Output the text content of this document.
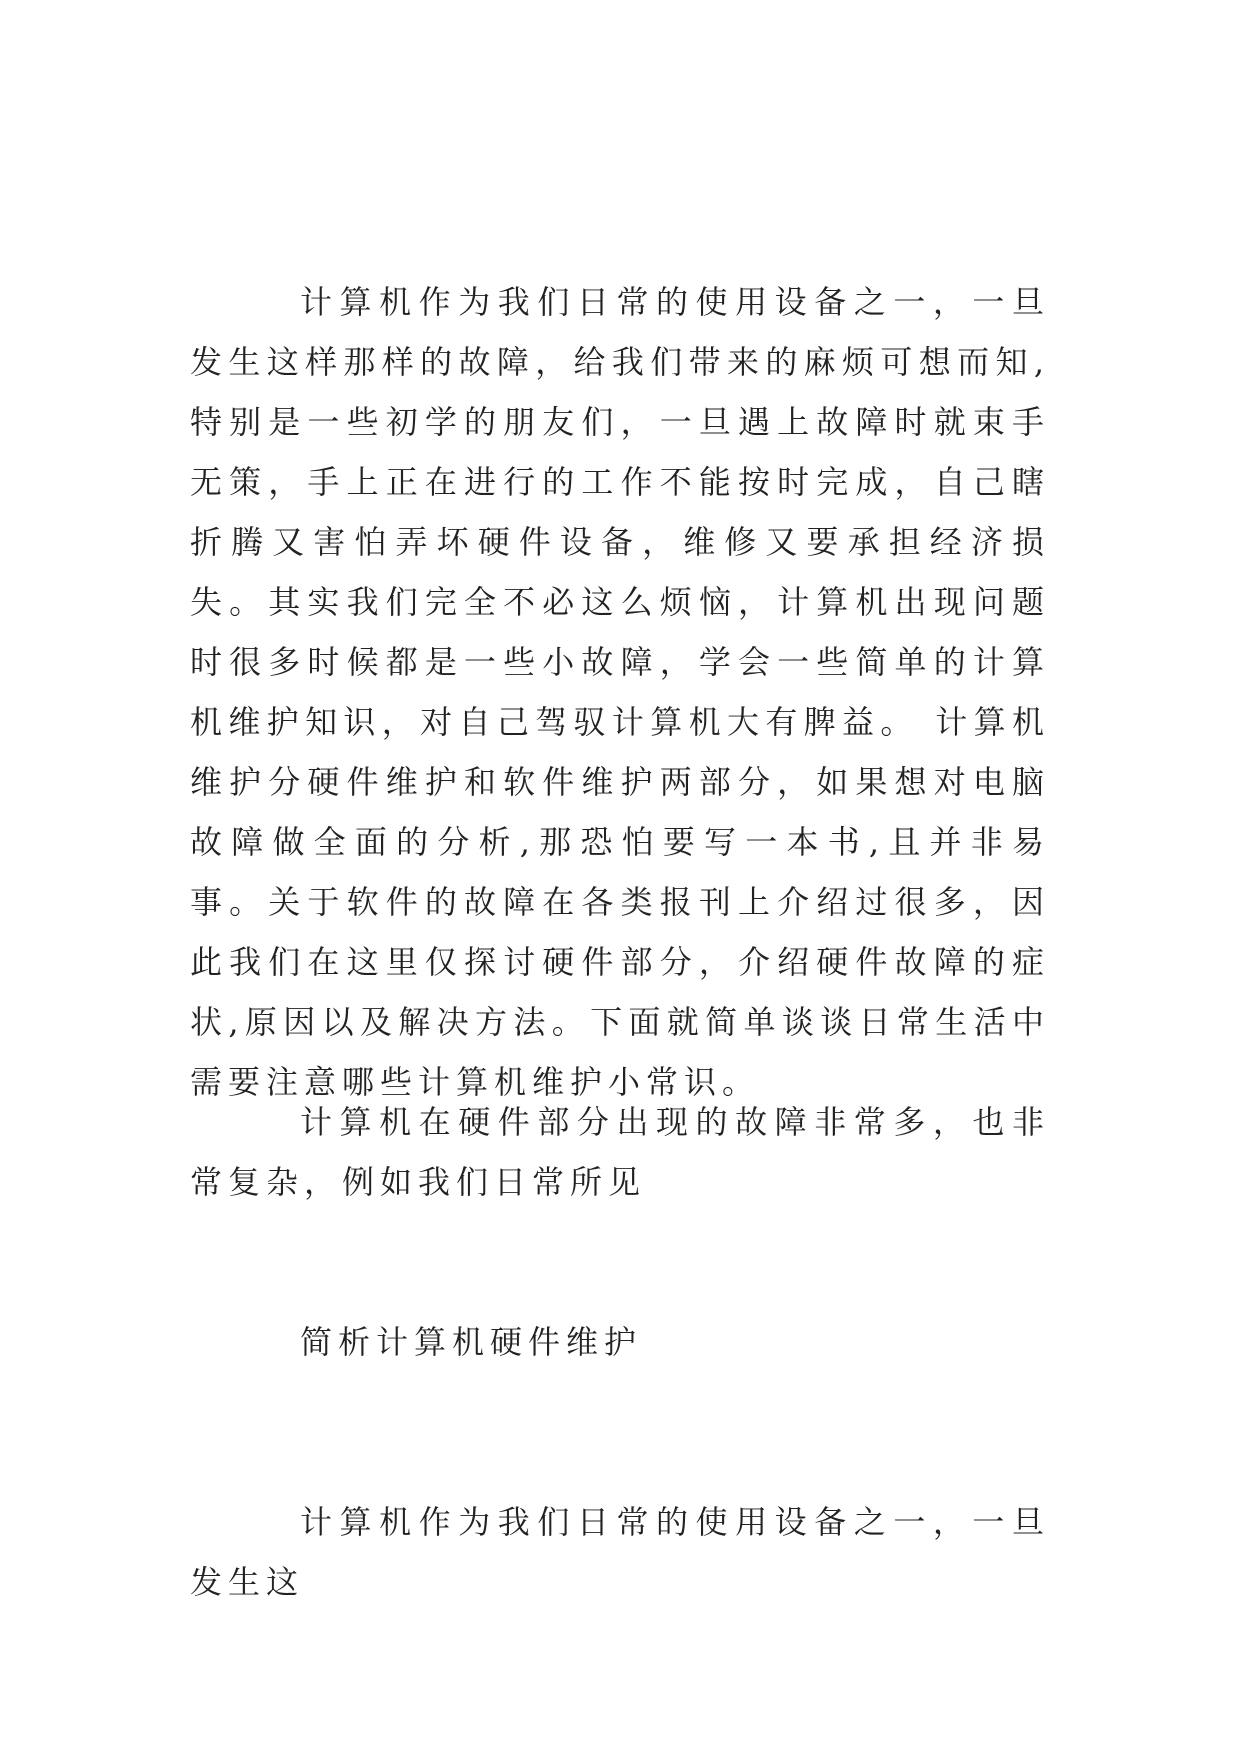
计算机作为我们日常的使用设备之一，一旦发生这样那样的故障，给我们带来的麻烦可想而知,特别是一些初学的朋友们，一旦遇上故障时就束手无策，手上正在进行的工作不能按时完成，自己瞎折腾又害怕弄坏硬件设备，维修又要承担经济损失。其实我们完全不必这么烦恼，计算机出现问题时很多时候都是一些小故障，学会一些简单的计算机维护知识，对自己驾驭计算机大有脾益。 计算机维护分硬件维护和软件维护两部分，如果想对电脑故障做全面的分析,那恐怕要写一本书,且并非易事。关于软件的故障在各类报刊上介绍过很多，因此我们在这里仅探讨硬件部分，介绍硬件故障的症状,原因以及解决方法。下面就简单谈谈日常生活中需要注意哪些计算机维护小常识。

计算机在硬件部分出现的故障非常多，也非常复杂，例如我们日常所见

简析计算机硬件维护

计算机作为我们日常的使用设备之一，一旦发生这
